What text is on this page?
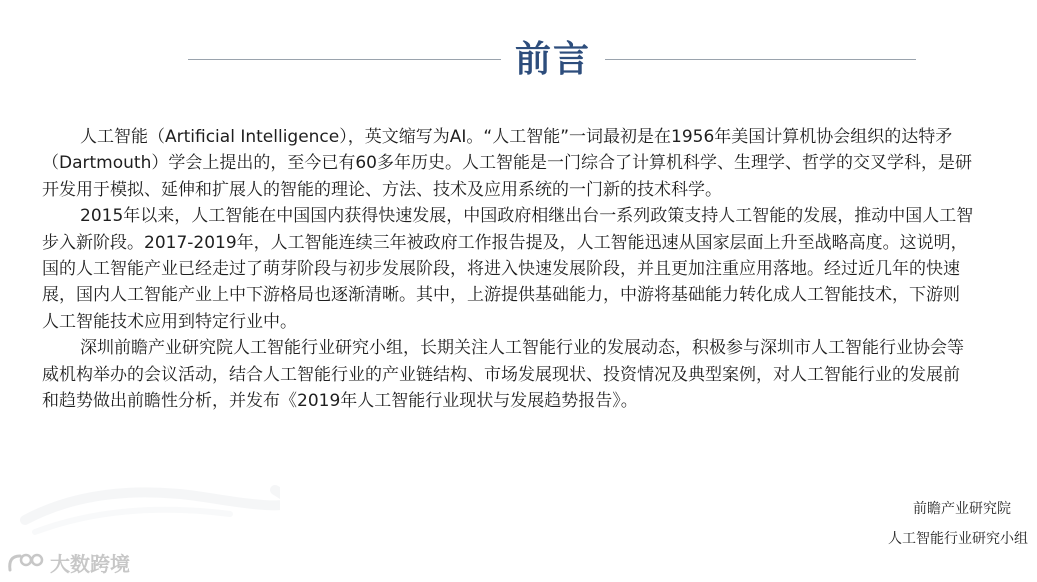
前言
人工智能（Artificial Intelligence），英文缩写为AI。“人工智能”一词最初是在1956年美国计算机协会组织的达特矛
（Dartmouth）学会上提出的，至今已有60多年历史。人工智能是一门综合了计算机科学、生理学、哲学的交叉学科，是研
开发用于模拟、延伸和扩展人的智能的理论、方法、技术及应用系统的一门新的技术科学。
2015年以来，人工智能在中国国内获得快速发展，中国政府相继出台一系列政策支持人工智能的发展，推动中国人工智
步入新阶段。2017-2019年，人工智能连续三年被政府工作报告提及，人工智能迅速从国家层面上升至战略高度。这说明，
国的人工智能产业已经走过了萌芽阶段与初步发展阶段，将进入快速发展阶段，并且更加注重应用落地。经过近几年的快速
展，国内人工智能产业上中下游格局也逐渐清晰。其中，上游提供基础能力，中游将基础能力转化成人工智能技术，下游则
人工智能技术应用到特定行业中。
深圳前瞻产业研究院人工智能行业研究小组，长期关注人工智能行业的发展动态，积极参与深圳市人工智能行业协会等
威机构举办的会议活动，结合人工智能行业的产业链结构、市场发展现状、投资情况及典型案例，对人工智能行业的发展前
和趋势做出前瞻性分析，并发布《2019年人工智能行业现状与发展趋势报告》。
前瞻产业研究院
人工智能行业研究小组
大数跨境
